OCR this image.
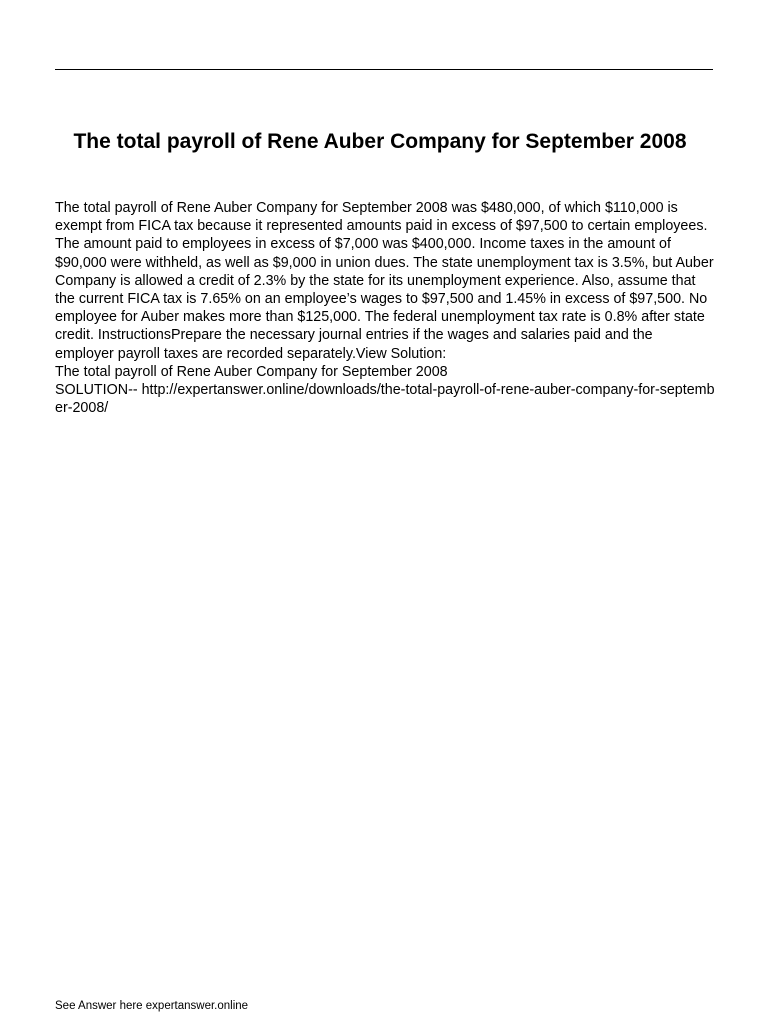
The total payroll of Rene Auber Company for September 2008

The total payroll of Rene Auber Company for September 2008 was $480,000, of which $110,000 is exempt from FICA tax because it represented amounts paid in excess of $97,500 to certain employees. The amount paid to employees in excess of $7,000 was $400,000. Income taxes in the amount of $90,000 were withheld, as well as $9,000 in union dues. The state unemployment tax is 3.5%, but Auber Company is allowed a credit of 2.3% by the state for its unemployment experience. Also, assume that the current FICA tax is 7.65% on an employee’s wages to $97,500 and 1.45% in excess of $97,500. No employee for Auber makes more than $125,000. The federal unemployment tax rate is 0.8% after state credit. InstructionsPrepare the necessary journal entries if the wages and salaries paid and the employer payroll taxes are recorded separately.View Solution:

The total payroll of Rene Auber Company for September 2008

SOLUTION-- http://expertanswer.online/downloads/the-total-payroll-of-rene-auber-company-for-september-2008/

See Answer here expertanswer.online
